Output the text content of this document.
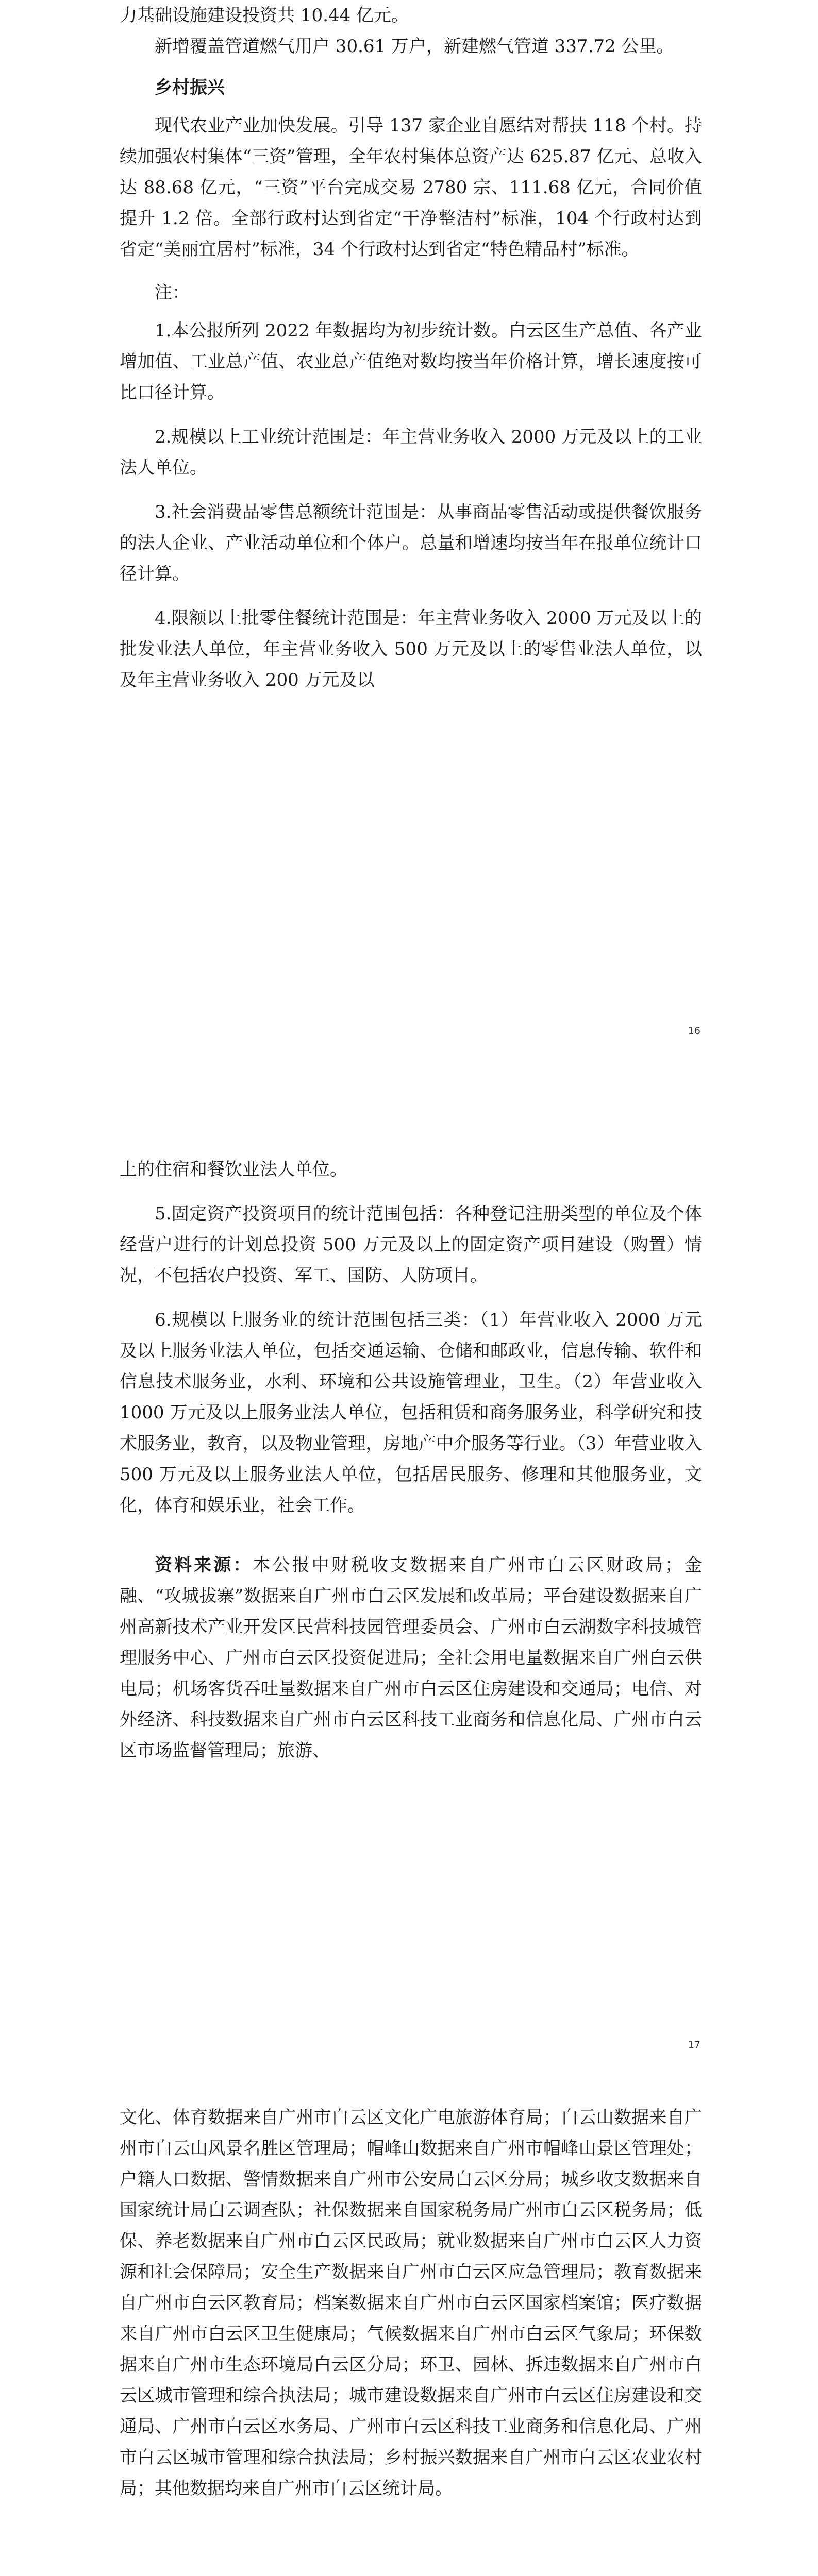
力基础设施建设投资共 10.44 亿元。

新增覆盖管道燃气用户 30.61 万户，新建燃气管道 337.72 公里。

乡村振兴

现代农业产业加快发展。引导 137 家企业自愿结对帮扶 118 个村。持续加强农村集体“三资”管理，全年农村集体总资产达 625.87 亿元、总收入达 88.68 亿元，“三资”平台完成交易 2780 宗、111.68 亿元，合同价值提升 1.2 倍。全部行政村达到省定“干净整洁村”标准，104 个行政村达到省定“美丽宜居村”标准，34 个行政村达到省定“特色精品村”标准。

注：

1.本公报所列 2022 年数据均为初步统计数。白云区生产总值、各产业增加值、工业总产值、农业总产值绝对数均按当年价格计算，增长速度按可比口径计算。

2.规模以上工业统计范围是：年主营业务收入 2000 万元及以上的工业法人单位。

3.社会消费品零售总额统计范围是：从事商品零售活动或提供餐饮服务的法人企业、产业活动单位和个体户。总量和增速均按当年在报单位统计口径计算。

4.限额以上批零住餐统计范围是：年主营业务收入 2000 万元及以上的批发业法人单位，年主营业务收入 500 万元及以上的零售业法人单位，以及年主营业务收入 200 万元及以

16

上的住宿和餐饮业法人单位。

5.固定资产投资项目的统计范围包括：各种登记注册类型的单位及个体经营户进行的计划总投资 500 万元及以上的固定资产项目建设（购置）情况，不包括农户投资、军工、国防、人防项目。

6.规模以上服务业的统计范围包括三类：（1）年营业收入 2000 万元及以上服务业法人单位，包括交通运输、仓储和邮政业，信息传输、软件和信息技术服务业，水利、环境和公共设施管理业，卫生。（2）年营业收入 1000 万元及以上服务业法人单位，包括租赁和商务服务业，科学研究和技术服务业，教育，以及物业管理，房地产中介服务等行业。（3）年营业收入 500 万元及以上服务业法人单位，包括居民服务、修理和其他服务业，文化，体育和娱乐业，社会工作。

资料来源：本公报中财税收支数据来自广州市白云区财政局；金融、“攻城拔寨”数据来自广州市白云区发展和改革局；平台建设数据来自广州高新技术产业开发区民营科技园管理委员会、广州市白云湖数字科技城管理服务中心、广州市白云区投资促进局；全社会用电量数据来自广州白云供电局；机场客货吞吐量数据来自广州市白云区住房建设和交通局；电信、对外经济、科技数据来自广州市白云区科技工业商务和信息化局、广州市白云区市场监督管理局；旅游、

17

文化、体育数据来自广州市白云区文化广电旅游体育局；白云山数据来自广州市白云山风景名胜区管理局；帽峰山数据来自广州市帽峰山景区管理处；户籍人口数据、警情数据来自广州市公安局白云区分局；城乡收支数据来自国家统计局白云调查队；社保数据来自国家税务局广州市白云区税务局；低保、养老数据来自广州市白云区民政局；就业数据来自广州市白云区人力资源和社会保障局；安全生产数据来自广州市白云区应急管理局；教育数据来自广州市白云区教育局；档案数据来自广州市白云区国家档案馆；医疗数据来自广州市白云区卫生健康局；气候数据来自广州市白云区气象局；环保数据来自广州市生态环境局白云区分局；环卫、园林、拆违数据来自广州市白云区城市管理和综合执法局；城市建设数据来自广州市白云区住房建设和交通局、广州市白云区水务局、广州市白云区科技工业商务和信息化局、广州市白云区城市管理和综合执法局；乡村振兴数据来自广州市白云区农业农村局；其他数据均来自广州市白云区统计局。
